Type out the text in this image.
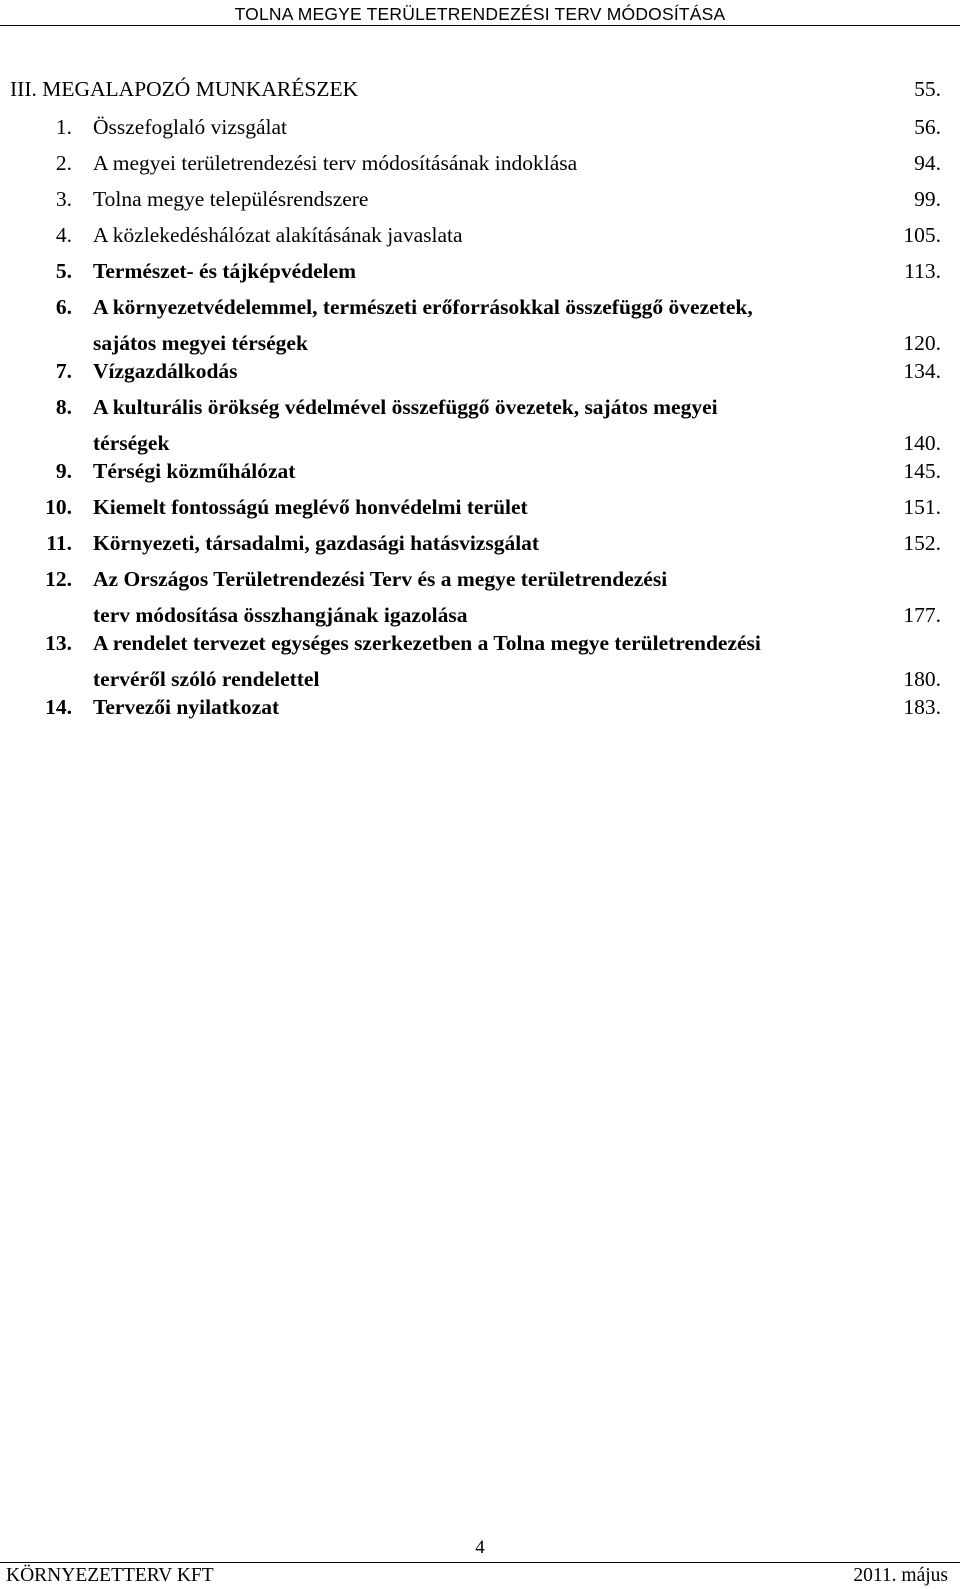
TOLNA MEGYE TERÜLETRENDEZÉSI TERV MÓDOSÍTÁSA
III. MEGALAPOZÓ MUNKARÉSZEK	55.
1. Összefoglaló vizsgálat	56.
2. A megyei területrendezési terv módosításának indoklása	94.
3. Tolna megye településrendszere	99.
4. A közlekedéshálózat alakításának javaslata	105.
5. Természet- és tájképvédelem	113.
6. A környezetvédelemmel, természeti erőforrásokkal összefüggő övezetek,
sajátos megyei térségek	120.
7. Vízgazdálkodás	134.
8. A kulturális örökség védelmével összefüggő övezetek, sajátos megyei
térségek	140.
9. Térségi közműhálózat	145.
10. Kiemelt fontosságú meglévő honvédelmi terület	151.
11. Környezeti, társadalmi, gazdasági hatásvizsgálat	152.
12. Az Országos Területrendezési Terv és a megye területrendezési
terv módosítása összhangjának igazolása	177.
13. A rendelet tervezet egységes szerkezetben a Tolna megye területrendezési
tervéről szóló rendelettel	180.
14. Tervezői nyilatkozat	183.
4
KÖRNYEZETTERV KFT	2011. május
